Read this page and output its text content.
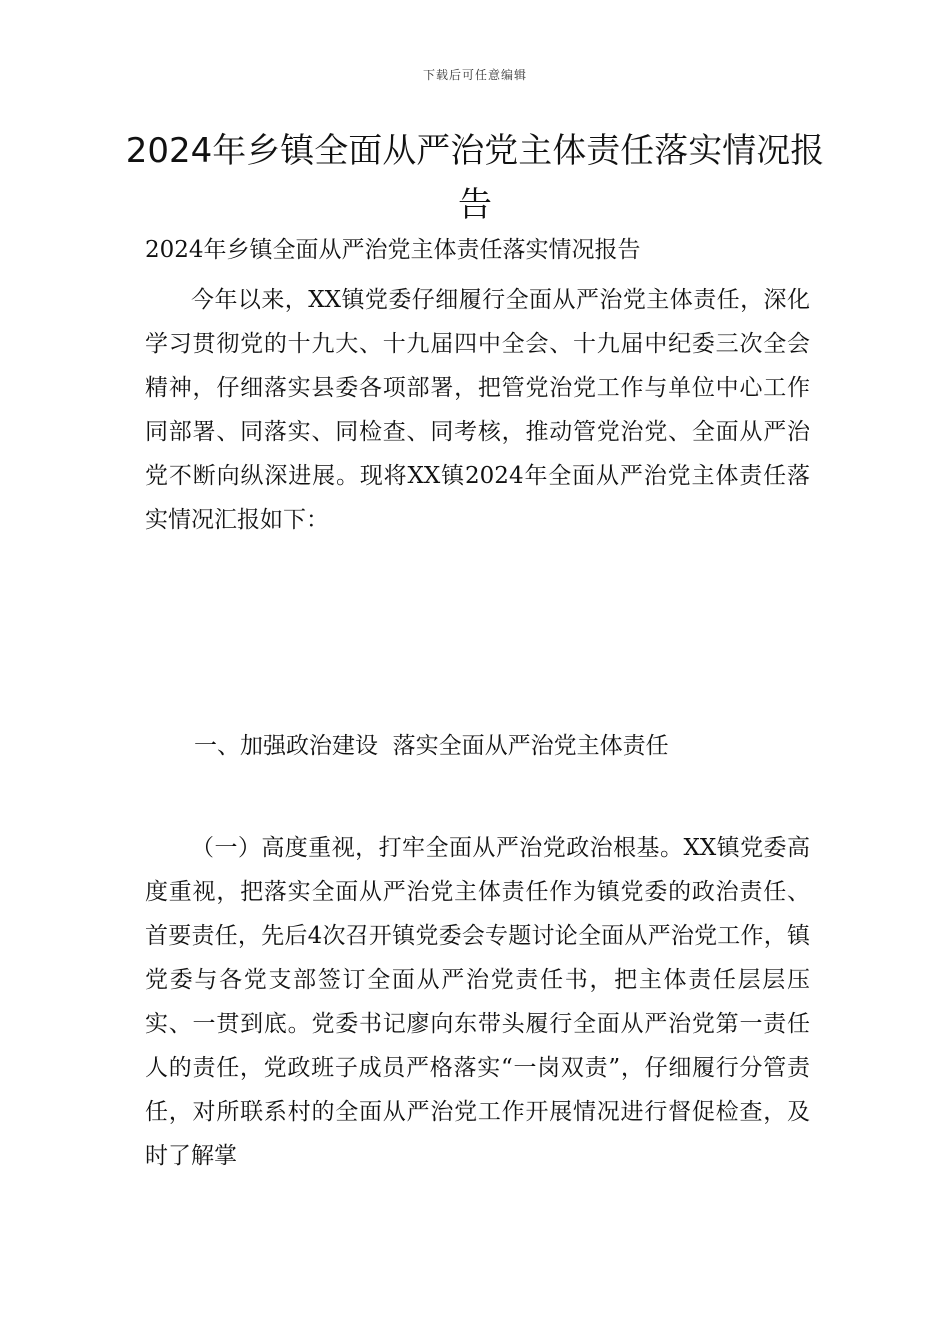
下载后可任意编辑
2024年乡镇全面从严治党主体责任落实情况报告

2024年乡镇全面从严治党主体责任落实情况报告

今年以来，XX镇党委仔细履行全面从严治党主体责任，深化学习贯彻党的十九大、十九届四中全会、十九届中纪委三次全会精神，仔细落实县委各项部署，把管党治党工作与单位中心工作同部署、同落实、同检查、同考核，推动管党治党、全面从严治党不断向纵深进展。现将XX镇2024年全面从严治党主体责任落实情况汇报如下：

一、加强政治建设  落实全面从严治党主体责任

（一）高度重视，打牢全面从严治党政治根基。XX镇党委高度重视，把落实全面从严治党主体责任作为镇党委的政治责任、首要责任，先后4次召开镇党委会专题讨论全面从严治党工作，镇党委与各党支部签订全面从严治党责任书，把主体责任层层压实、一贯到底。党委书记廖向东带头履行全面从严治党第一责任人的责任，党政班子成员严格落实“一岗双责”，仔细履行分管责任，对所联系村的全面从严治党工作开展情况进行督促检查，及时了解掌
